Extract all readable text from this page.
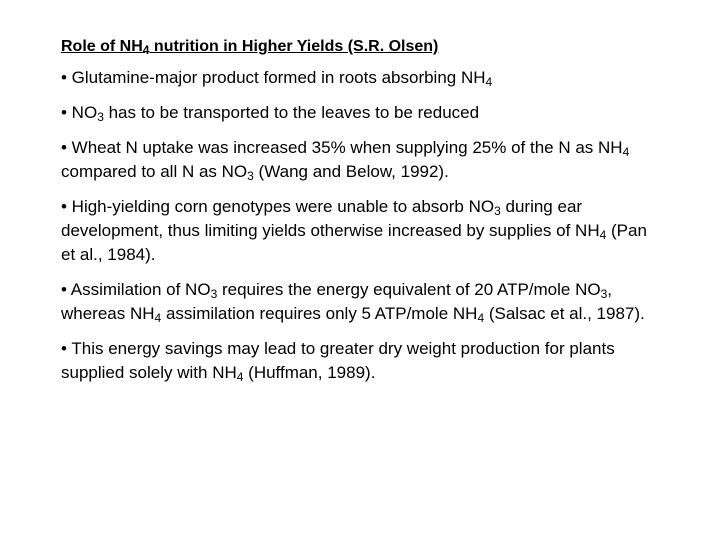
Role of $NH_4$ nutrition in Higher Yields (S.R. Olsen)
• Glutamine-major product formed in roots absorbing $NH_4$
• $NO_3$ has to be transported to the leaves to be reduced
• Wheat N uptake was increased 35% when supplying 25% of the N as $NH_4$ compared to all N as $NO_3$ (Wang and Below, 1992).
• High-yielding corn genotypes were unable to absorb $NO_3$ during ear development, thus limiting yields otherwise increased by supplies of $NH_4$ (Pan et al., 1984).
• Assimilation of $NO_3$ requires the energy equivalent of 20 ATP/mole $NO_3$, whereas $NH_4$ assimilation requires only 5 ATP/mole $NH_4$ (Salsac et al., 1987).
• This energy savings may lead to greater dry weight production for plants supplied solely with $NH_4$ (Huffman, 1989).
